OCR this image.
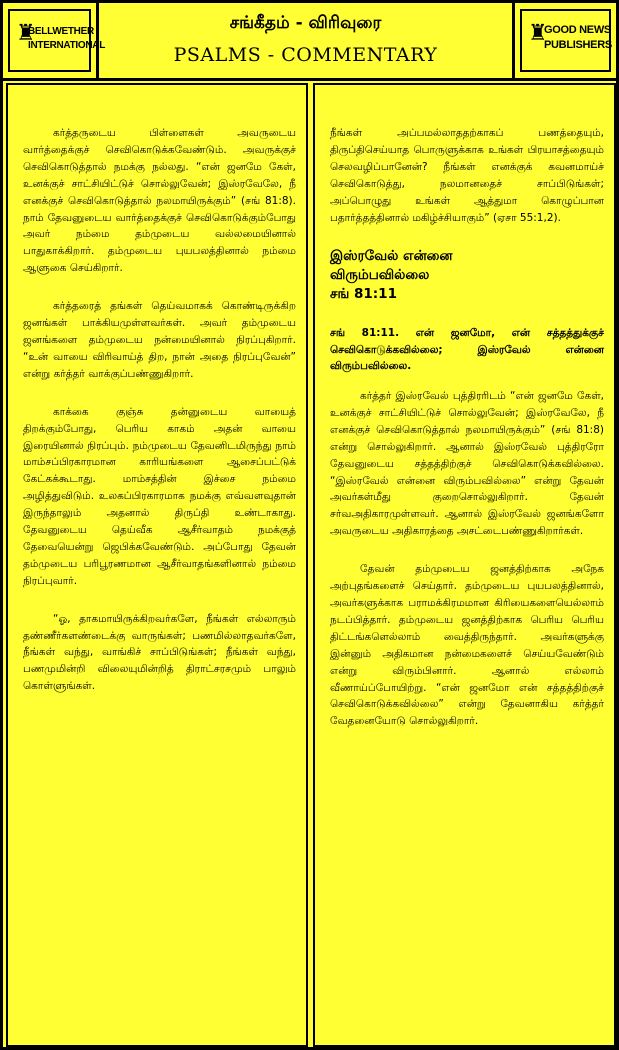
♜
BELLWETHER
INTERNATIONAL
சங்கீதம் - விரிவுரை
PSALMS - COMMENTARY
♜
GOOD NEWS
PUBLISHERS

கர்த்தருடைய பிள்ளைகள் அவருடைய வார்த்தைக்குச் செவிகொடுக்கவேண்டும். அவருக்குச் செவிகொடுத்தால் நமக்கு நல்லது. “என் ஜனமே கேள், உனக்குச் சாட்சியிட்டுச் சொல்லுவேன்; இஸ்ரவேலே, நீ எனக்குச் செவிகொடுத்தால் நலமாயிருக்கும்” (சங் 81:8). நாம் தேவனுடைய வார்த்தைக்குச் செவிகொடுக்கும்போது அவர் நம்மை தம்முடைய வல்லமையினால் பாதுகாக்கிறார். தம்முடைய புயபலத்தினால் நம்மை ஆளுகை செய்கிறார்.

கர்த்தரைத் தங்கள் தெய்வமாகக் கொண்டிருக்கிற ஜனங்கள் பாக்கியமுள்ளவர்கள். அவர் தம்முடைய ஜனங்களை தம்முடைய நன்மையினால் நிரப்புகிறார். “உன் வாயை விரிவாய்த் திற, நான் அதை நிரப்புவேன்” என்று கர்த்தர் வாக்குப்பண்ணுகிறார்.

காக்கை குஞ்சு தன்னுடைய வாயைத் திறக்கும்போது, பெரிய காகம் அதன் வாயை இரையினால் நிரப்பும். நம்முடைய தேவனிடமிருந்து நாம் மாம்சப்பிரகாரமான காரியங்களை ஆசைப்பட்டுக் கேட்கக்கூடாது. மாம்சத்தின் இச்சை நம்மை அழித்துவிடும். உலகப்பிரகாரமாக நமக்கு எவ்வளவுதான் இருந்தாலும் அதனால் திருப்தி உண்டாகாது. தேவனுடைய தெய்வீக ஆசீர்வாதம் நமக்குத் தேவையென்று ஜெபிக்கவேண்டும். அப்போது தேவன் தம்முடைய பரிபூரணமான ஆசீர்வாதங்களினால் நம்மை நிரப்புவார்.

“ஓ, தாகமாயிருக்கிறவர்களே, நீங்கள் எல்லாரும் தண்ணீர்களண்டைக்கு வாருங்கள்; பணமில்லாதவர்களே, நீங்கள் வந்து, வாங்கிச் சாப்பிடுங்கள்; நீங்கள் வந்து, பணமுமின்றி விலையுமின்றித் திராட்சரசமும் பாலும் கொள்ளுங்கள்.

நீங்கள் அப்பமல்லாததற்காகப் பணத்தையும், திருப்திசெய்யாத பொருளுக்காக உங்கள் பிரயாசத்தையும் செலவழிப்பானேன்? நீங்கள் எனக்குக் கவனமாய்ச் செவிகொடுத்து, நலமானதைச் சாப்பிடுங்கள்; அப்பொழுது உங்கள் ஆத்துமா கொழுப்பான பதார்த்தத்தினால் மகிழ்ச்சியாகும்” (ஏசா 55:1,2).

இஸ்ரவேல் என்னை
விரும்பவில்லை
சங் 81:11

சங் 81:11. என் ஜனமோ, என் சத்தத்துக்குச் செவிகொடுக்கவில்லை; இஸ்ரவேல் என்னை விரும்பவில்லை.

கர்த்தர் இஸ்ரவேல் புத்திரரிடம் “என் ஜனமே கேள், உனக்குச் சாட்சியிட்டுச் சொல்லுவேன்; இஸ்ரவேலே, நீ எனக்குச் செவிகொடுத்தால் நலமாயிருக்கும்” (சங் 81:8) என்று சொல்லுகிறார். ஆனால் இஸ்ரவேல் புத்திரரோ தேவனுடைய சத்தத்திற்குச் செவிகொடுக்கவில்லை. “இஸ்ரவேல் என்னை விரும்பவில்லை” என்று தேவன் அவர்கள்மீது குறைசொல்லுகிறார். தேவன் சர்வஅதிகாரமுள்ளவர். ஆனால் இஸ்ரவேல் ஜனங்களோ அவருடைய அதிகாரத்தை அசட்டைபண்ணுகிறார்கள்.

தேவன் தம்முடைய ஜனத்திற்காக அநேக அற்புதங்களைச் செய்தார். தம்முடைய புயபலத்தினால், அவர்களுக்காக பராமக்கிரமமான கிரியைகளையெல்லாம் நடப்பித்தார். தம்முடைய ஜனத்திற்காக பெரிய பெரிய திட்டங்களெல்லாம் வைத்திருந்தார். அவர்களுக்கு இன்னும் அதிகமான நன்மைகளைச் செய்யவேண்டும் என்று விரும்பினார். ஆனால் எல்லாம் வீணாய்ப்போயிற்று. “என் ஜனமோ என் சத்தத்திற்குச் செவிகொடுக்கவில்லை” என்று தேவனாகிய கர்த்தர் வேதனையோடு சொல்லுகிறார்.
